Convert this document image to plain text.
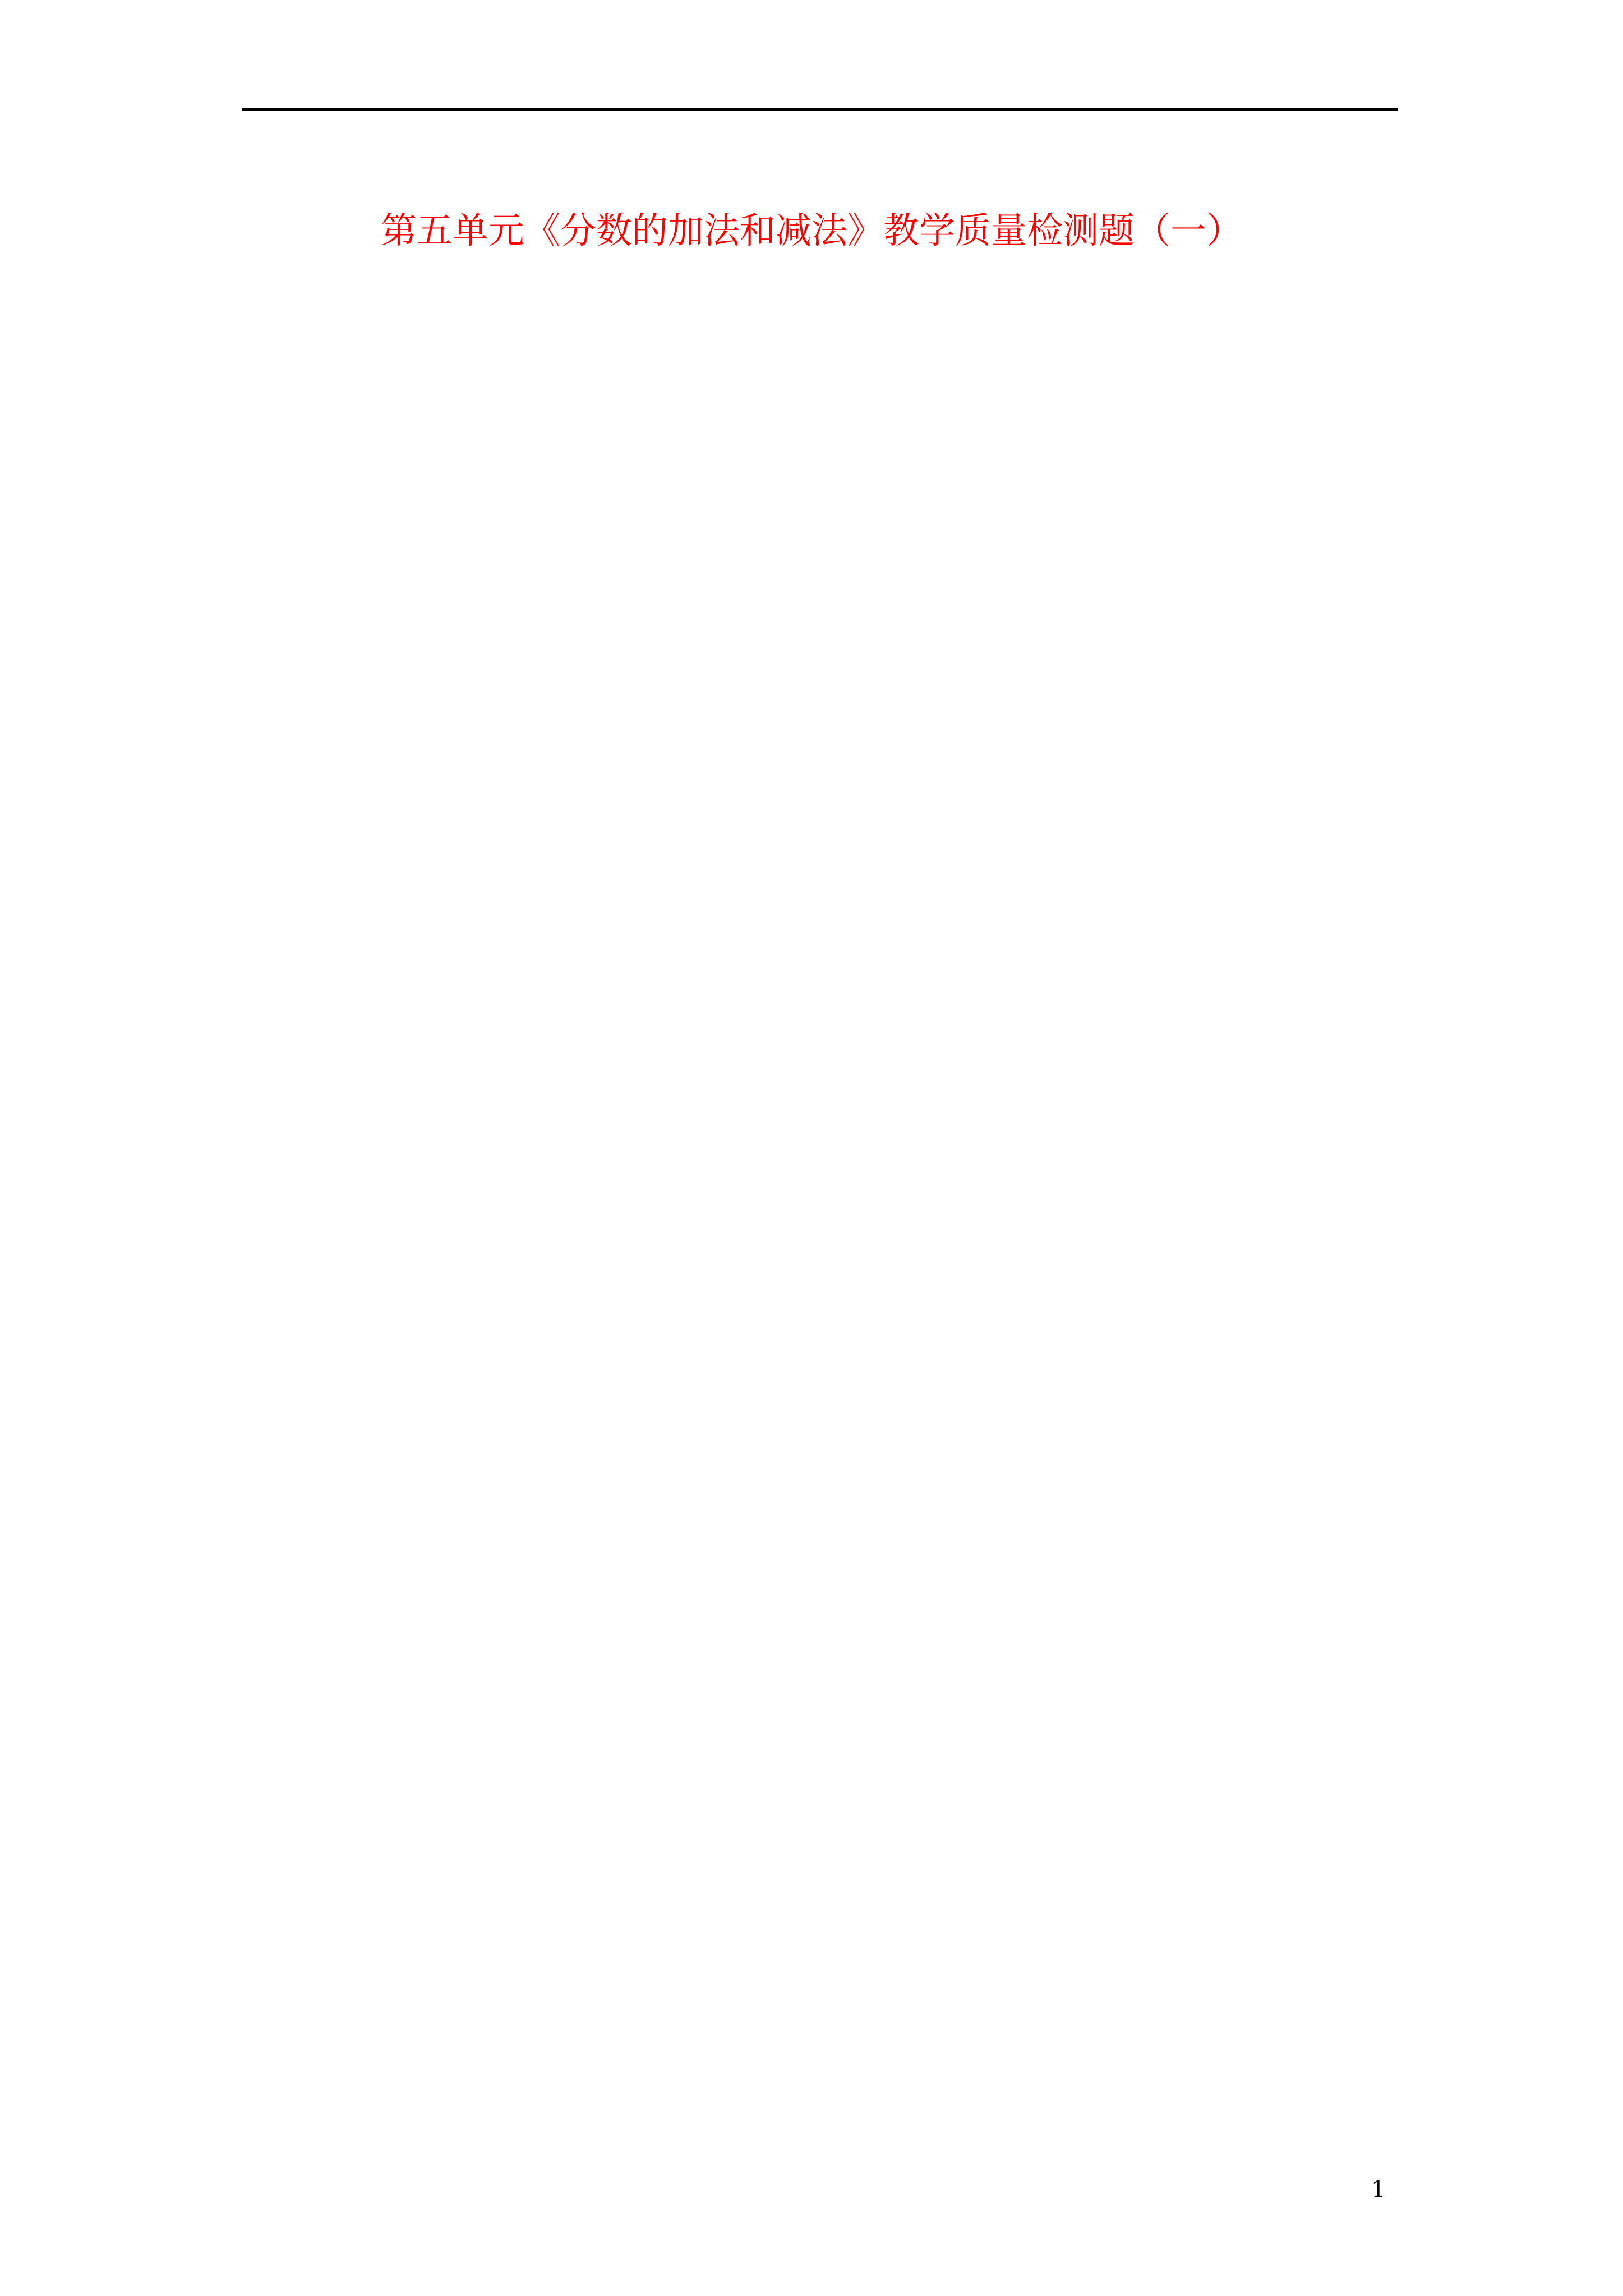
第五单元《分数的加法和减法》教学质量检测题（一）
1
